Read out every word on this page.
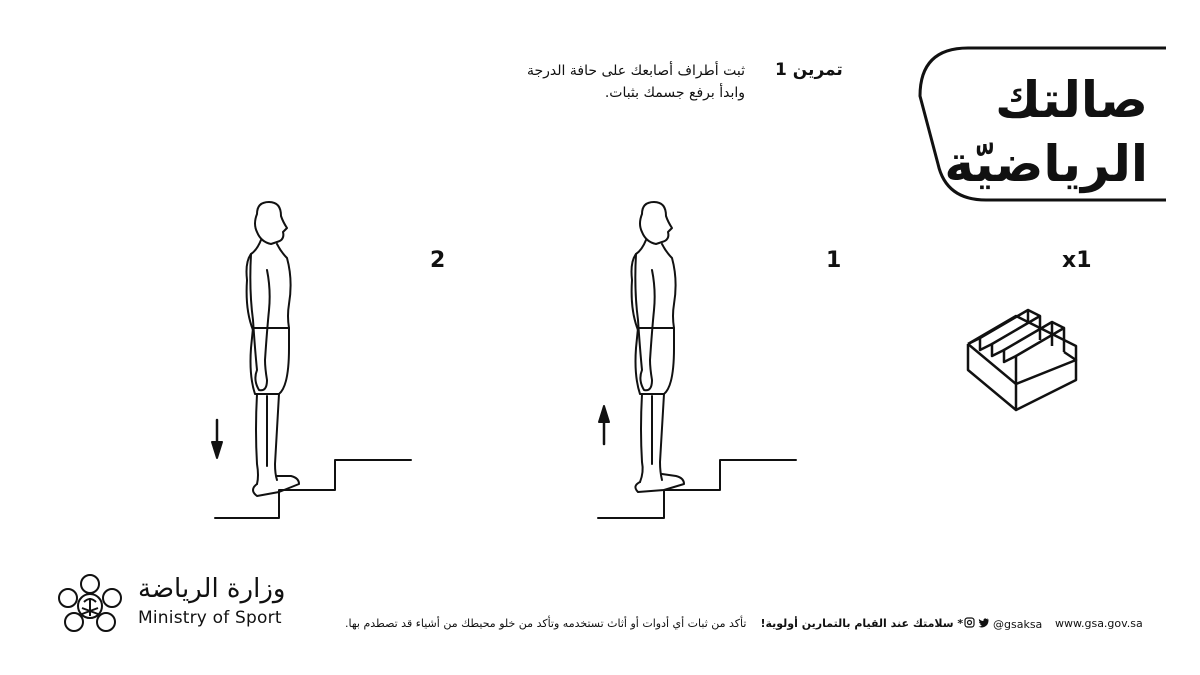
صالتك
الرياضيّة
تمرين 1
ثبت أطراف أصابعك على حافة الدرجة
وابدأ برفع جسمك بثبات.
x1
1
2
وزارة الرياضة
Ministry of Sport	* سلامتك عند القيام بالتمارين أولوية!    تأكد من ثبات أي أدوات أو أثاث تستخدمه وتأكد من خلو محيطك من أشياء قد تصطدم بها.	@gsaksa www.gsa.gov.sa
